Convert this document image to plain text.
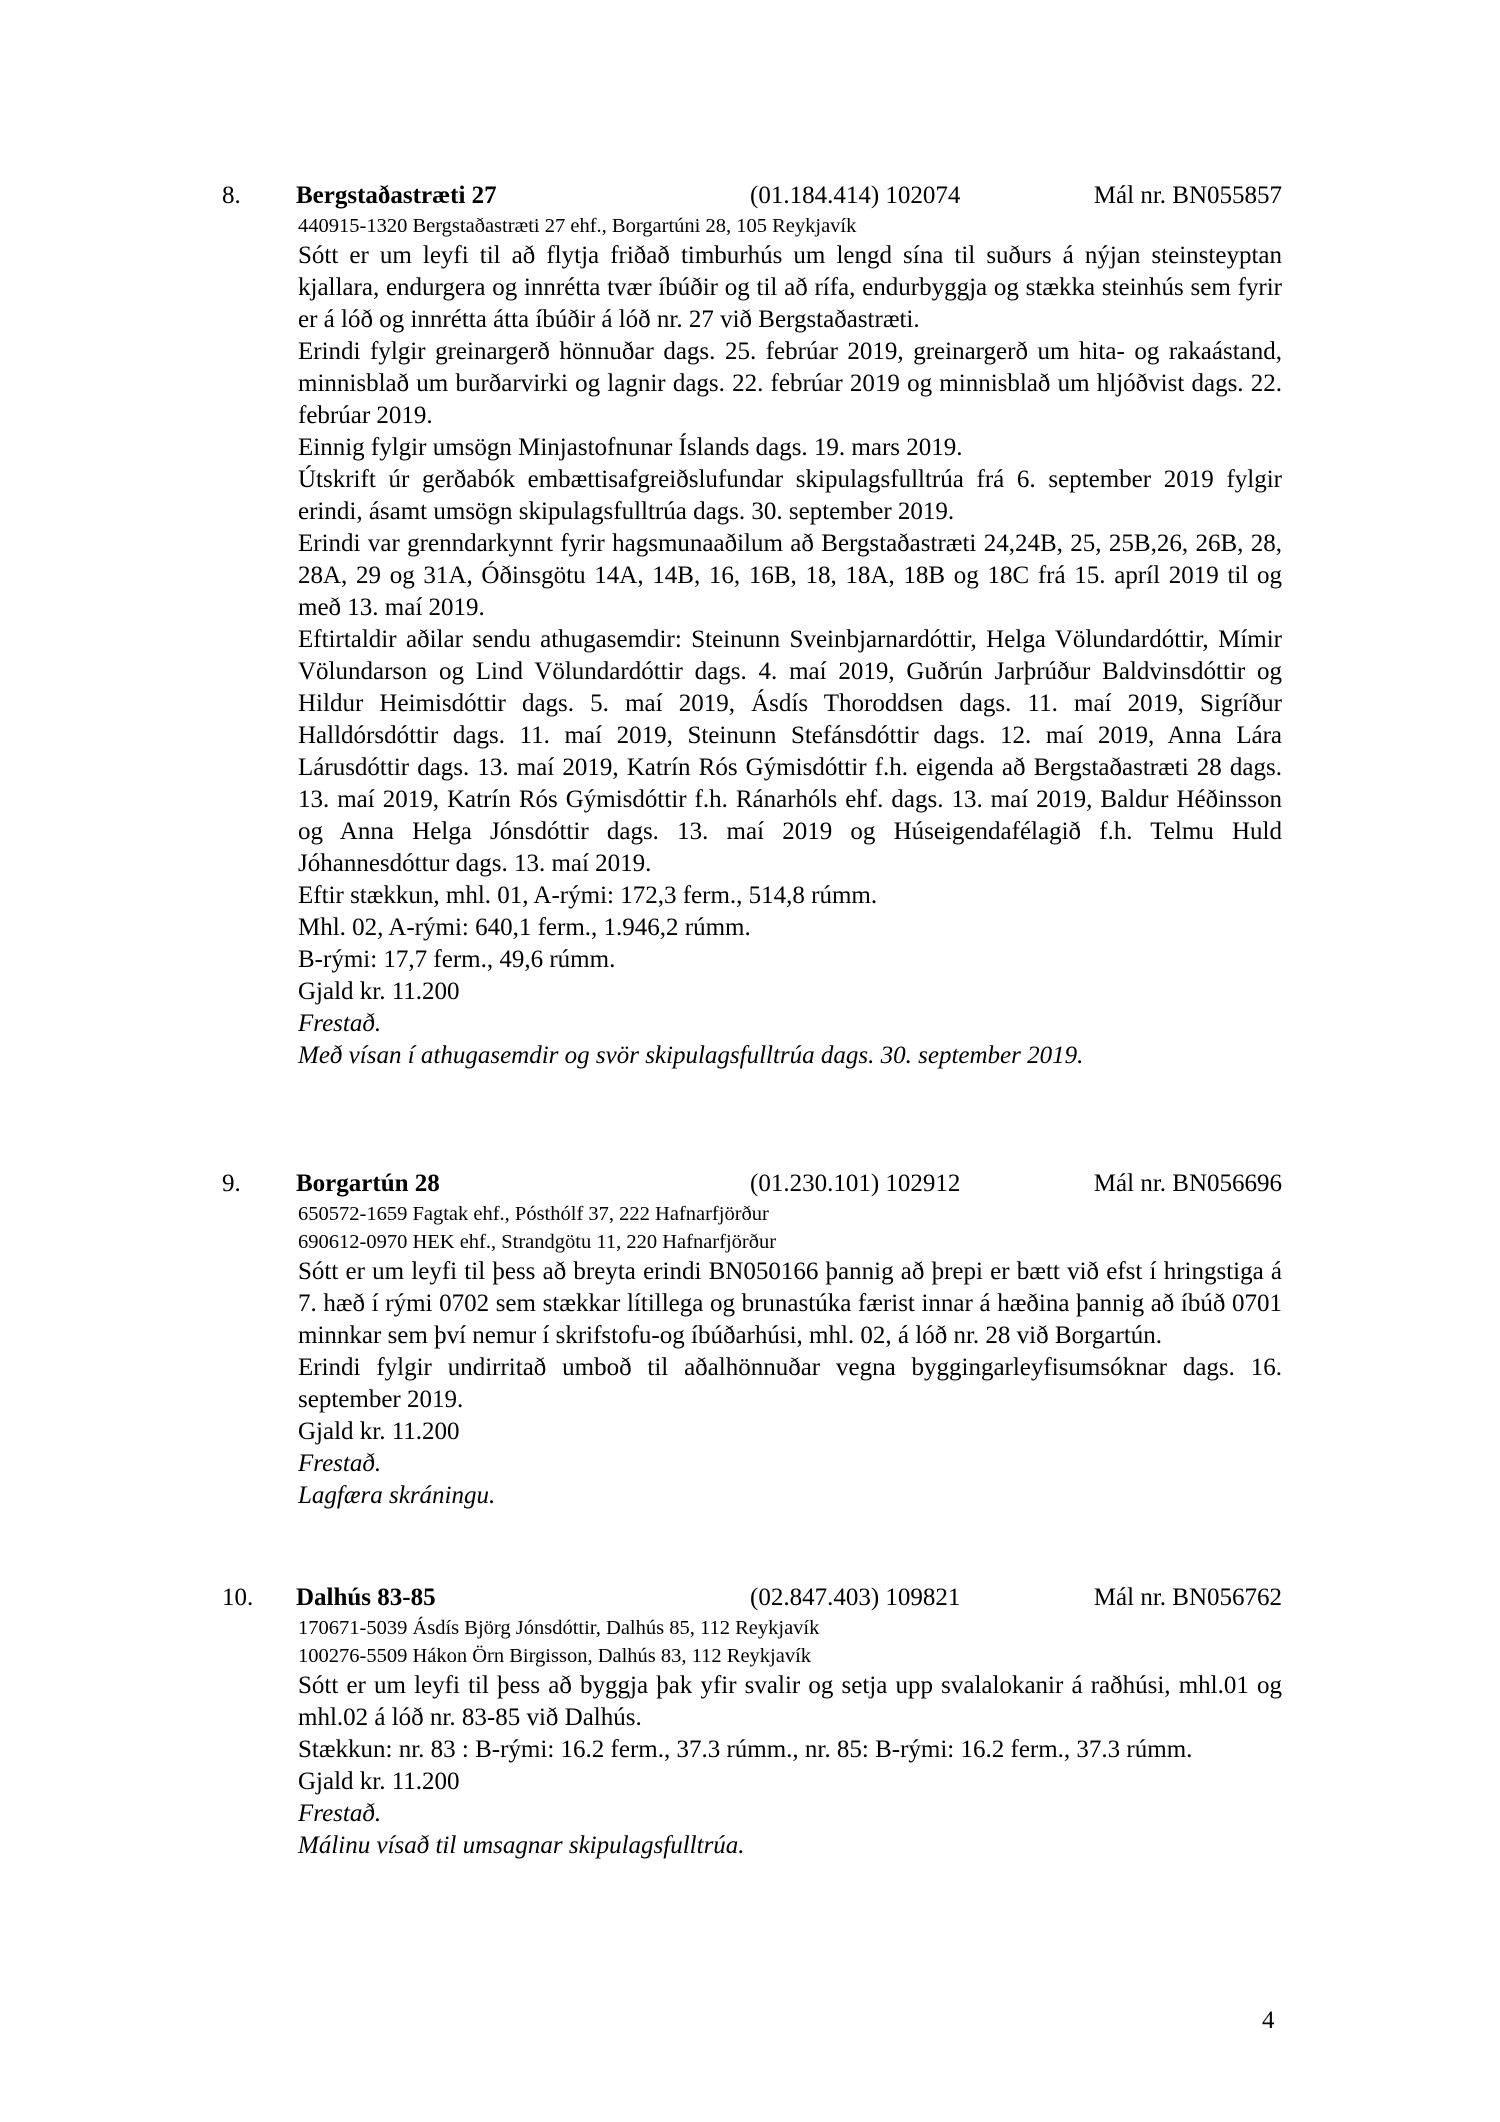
8. Bergstaðastræti 27	(01.184.414) 102074	Mál nr. BN055857
440915-1320 Bergstaðastræti 27 ehf., Borgartúni 28, 105 Reykjavík
Sótt er um leyfi til að flytja friðað timburhús um lengd sína til suðurs á nýjan steinsteyptan kjallara, endurgera og innrétta tvær íbúðir og til að rífa, endurbyggja og stækka steinhús sem fyrir er á lóð og innrétta átta íbúðir á lóð nr. 27 við Bergstaðastræti.
Erindi fylgir greinargerð hönnuðar dags. 25. febrúar 2019, greinargerð um hita- og rakaástand, minnisblað um burðarvirki og lagnir dags. 22. febrúar 2019 og minnisblað um hljóðvist dags. 22. febrúar 2019.
Einnig fylgir umsögn Minjastofnunar Íslands dags. 19. mars 2019.
Útskrift úr gerðabók embættisafgreiðslufundar skipulagsfulltrúa frá 6. september 2019 fylgir erindi, ásamt umsögn skipulagsfulltrúa dags. 30. september 2019.
Erindi var grenndarkynnt fyrir hagsmunaaðilum að Bergstaðastræti 24,24B, 25, 25B,26, 26B, 28, 28A, 29 og 31A, Óðinsgötu 14A, 14B, 16, 16B, 18, 18A, 18B og 18C frá 15. apríl 2019 til og með 13. maí 2019.
Eftirtaldir aðilar sendu athugasemdir: Steinunn Sveinbjarnardóttir, Helga Völundardóttir, Mímir Völundarson og Lind Völundardóttir dags. 4. maí 2019, Guðrún Jarþrúður Baldvinsdóttir og Hildur Heimisdóttir dags. 5. maí 2019, Ásdís Thoroddsen dags. 11. maí 2019, Sigríður Halldórsdóttir dags. 11. maí 2019, Steinunn Stefánsdóttir dags. 12. maí 2019, Anna Lára Lárusdóttir dags. 13. maí 2019, Katrín Rós Gýmisdóttir f.h. eigenda að Bergstaðastræti 28 dags. 13. maí 2019, Katrín Rós Gýmisdóttir f.h. Ránarhóls ehf. dags. 13. maí 2019, Baldur Héðinsson og Anna Helga Jónsdóttir dags. 13. maí 2019 og Húseigendafélagið f.h. Telmu Huld Jóhannesdóttur dags. 13. maí 2019.
Eftir stækkun, mhl. 01, A-rými: 172,3 ferm., 514,8 rúmm.
Mhl. 02, A-rými: 640,1 ferm., 1.946,2 rúmm.
B-rými: 17,7 ferm., 49,6 rúmm.
Gjald kr. 11.200
Frestað.
Með vísan í athugasemdir og svör skipulagsfulltrúa dags. 30. september 2019.
9. Borgartún 28	(01.230.101) 102912	Mál nr. BN056696
650572-1659 Fagtak ehf., Pósthólf 37, 222 Hafnarfjörður
690612-0970 HEK ehf., Strandgötu 11, 220 Hafnarfjörður
Sótt er um leyfi til þess að breyta erindi BN050166 þannig að þrepi er bætt við efst í hringstiga á 7. hæð í rými 0702 sem stækkar lítillega og brunastúka færist innar á hæðina þannig að íbúð 0701 minnkar sem því nemur í skrifstofu-og íbúðarhúsi, mhl. 02, á lóð nr. 28 við Borgartún.
Erindi fylgir undirritað umboð til aðalhönnuðar vegna byggingarleyfisumsóknar dags. 16. september 2019.
Gjald kr. 11.200
Frestað.
Lagfæra skráningu.
10. Dalhús 83-85	(02.847.403) 109821	Mál nr. BN056762
170671-5039 Ásdís Björg Jónsdóttir, Dalhús 85, 112 Reykjavík
100276-5509 Hákon Örn Birgisson, Dalhús 83, 112 Reykjavík
Sótt er um leyfi til þess að byggja þak yfir svalir og setja upp svalalokanir á raðhúsi, mhl.01 og mhl.02 á lóð nr. 83-85 við Dalhús.
Stækkun: nr. 83 : B-rými: 16.2 ferm., 37.3 rúmm., nr. 85: B-rými: 16.2 ferm., 37.3 rúmm.
Gjald kr. 11.200
Frestað.
Málinu vísað til umsagnar skipulagsfulltrúa.
4
